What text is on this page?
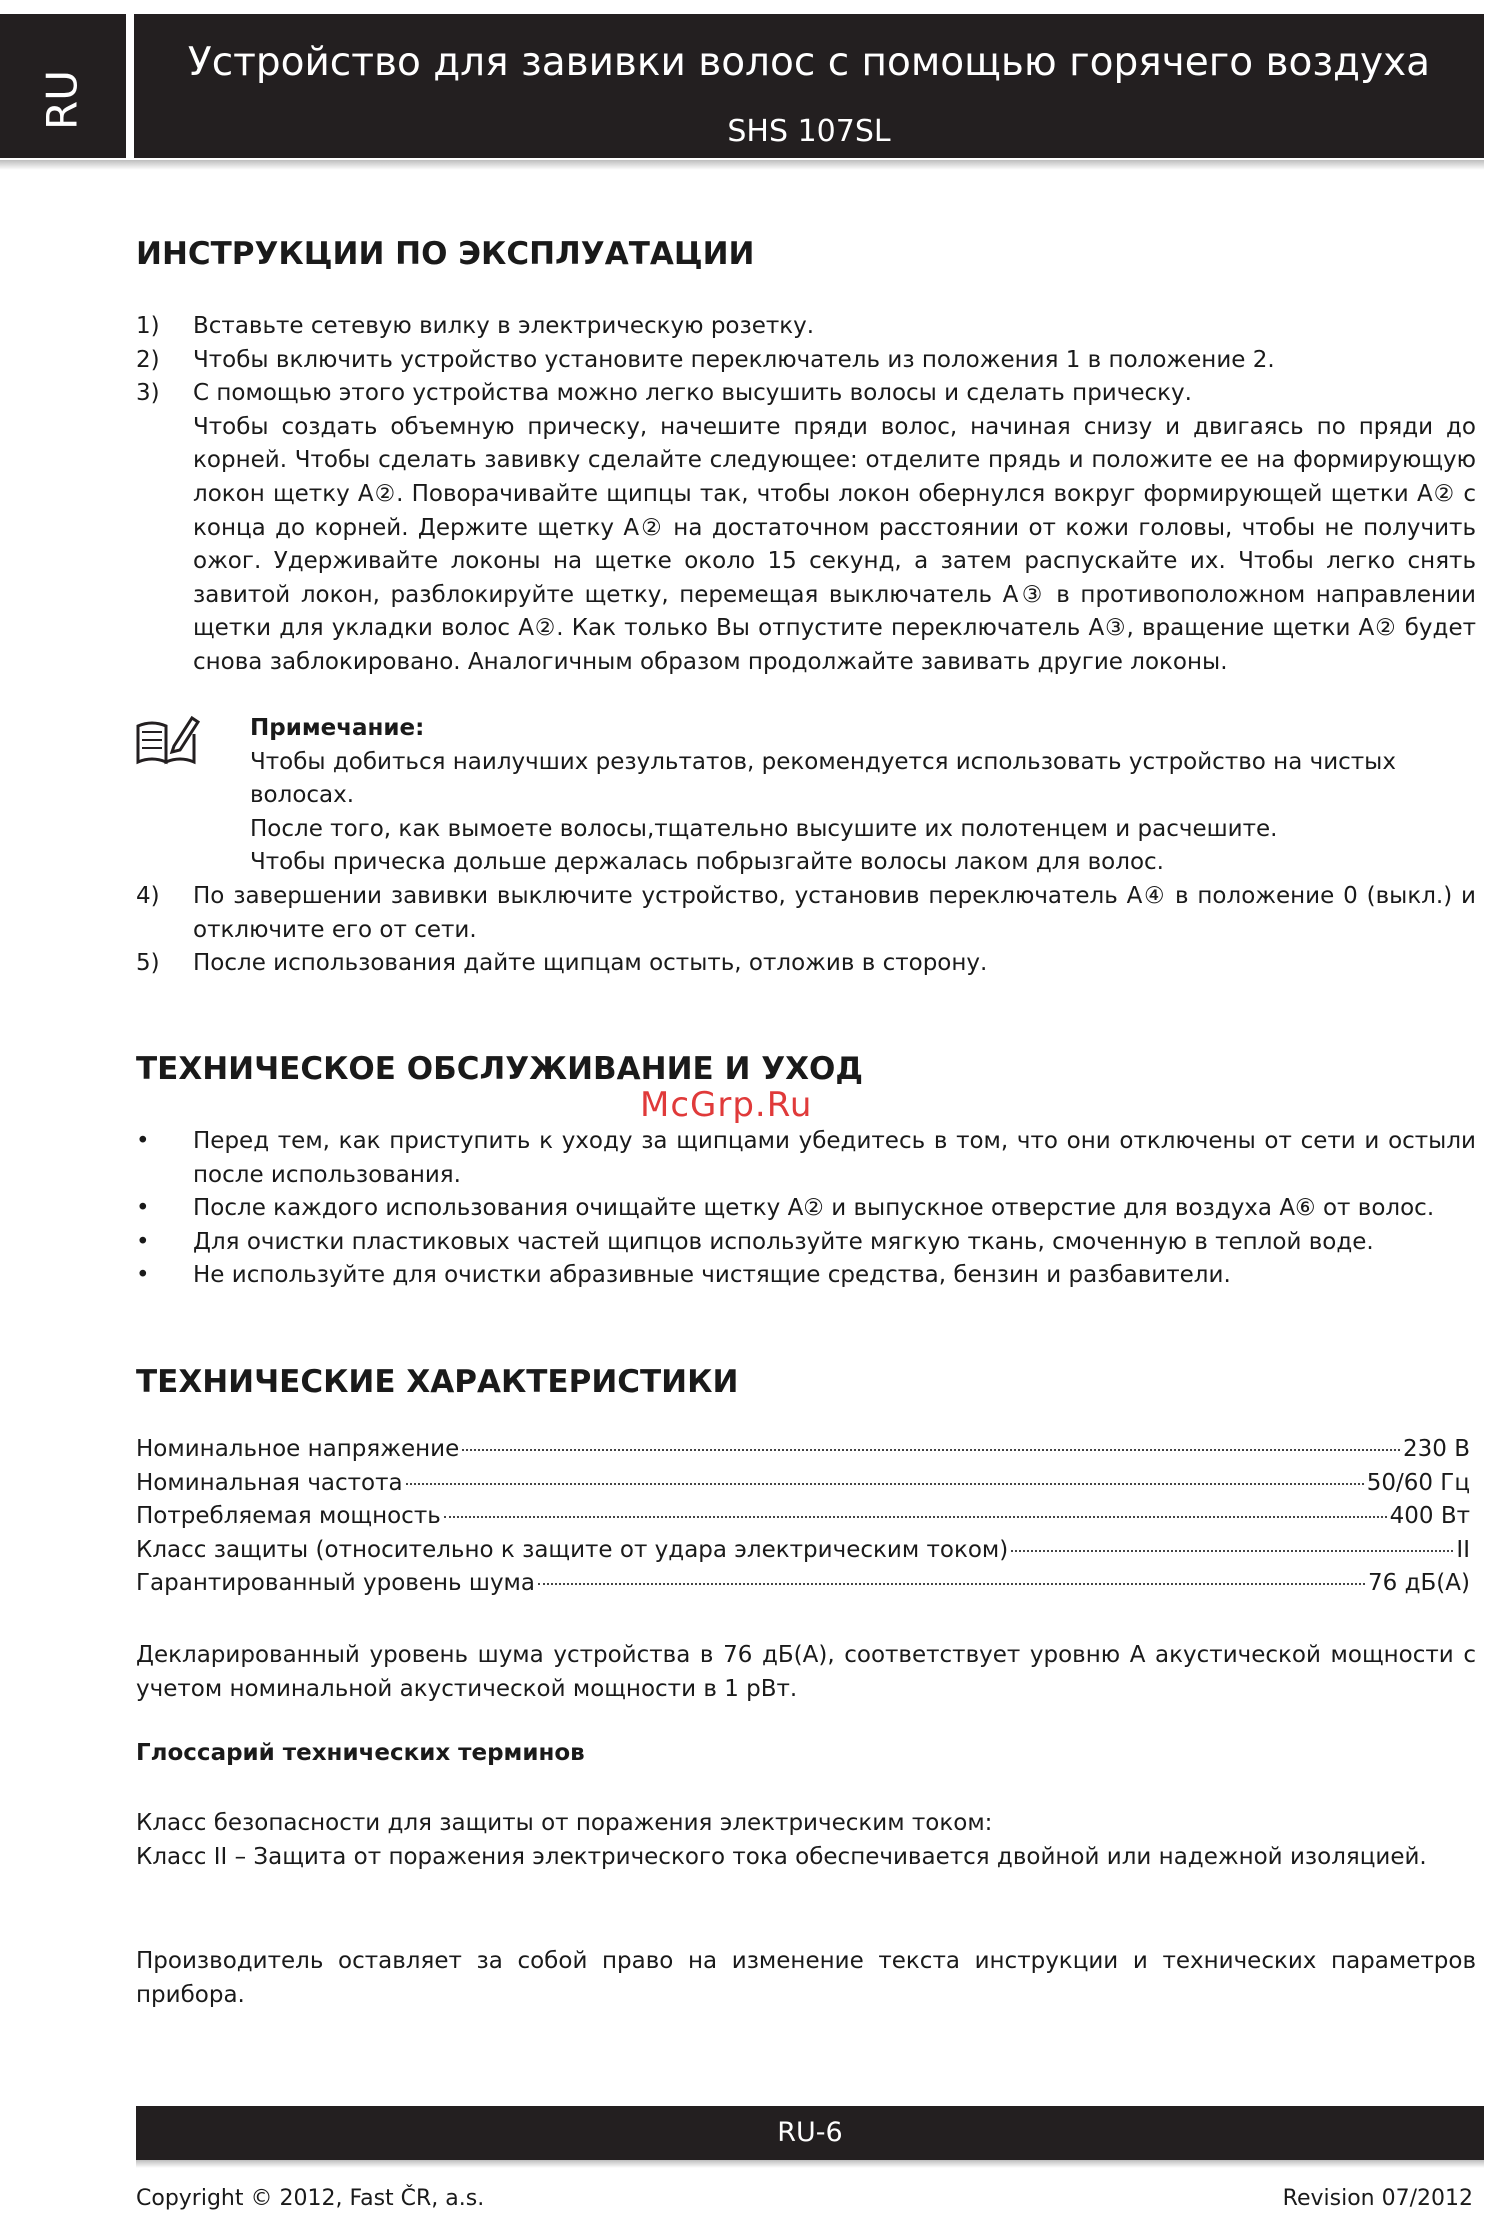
RU
Устройство для завивки волос с помощью горячего воздуха
SHS 107SL
ИНСТРУКЦИИ ПО ЭКСПЛУАТАЦИИ
1) Вставьте сетевую вилку в электрическую розетку.
2) Чтобы включить устройство установите переключатель из положения 1 в положение 2.
3) С помощью этого устройства можно легко высушить волосы и сделать прическу.
Чтобы создать объемную прическу, начешите пряди волос, начиная снизу и двигаясь по пряди до корней. Чтобы сделать завивку сделайте следующее: отделите прядь и положите ее на формирующую локон щетку A②. Поворачивайте щипцы так, чтобы локон обернулся вокруг формирующей щетки A② с конца до корней. Держите щетку A② на достаточном расстоянии от кожи головы, чтобы не получить ожог. Удерживайте локоны на щетке около 15 секунд, а затем распускайте их. Чтобы легко снять завитой локон, разблокируйте щетку, перемещая выключатель A③ в противоположном направлении щетки для укладки волос A②. Как только Вы отпустите переключатель A③, вращение щетки A② будет снова заблокировано. Аналогичным образом продолжайте завивать другие локоны.
Примечание:
Чтобы добиться наилучших результатов, рекомендуется использовать устройство на чистых волосах.
После того, как вымоете волосы,тщательно высушите их полотенцем и расчешите.
Чтобы прическа дольше держалась побрызгайте волосы лаком для волос.
4) По завершении завивки выключите устройство, установив переключатель A④ в положение 0 (выкл.) и отключите его от сети.
5) После использования дайте щипцам остыть, отложив в сторону.
ТЕХНИЧЕСКОЕ ОБСЛУЖИВАНИЕ И УХОД
McGrp.Ru
• Перед тем, как приступить к уходу за щипцами убедитесь в том, что они отключены от сети и остыли после использования.
• После каждого использования очищайте щетку A② и выпускное отверстие для воздуха A⑥ от волос.
• Для очистки пластиковых частей щипцов используйте мягкую ткань, смоченную в теплой воде.
• Не используйте для очистки абразивные чистящие средства, бензин и разбавители.
ТЕХНИЧЕСКИЕ ХАРАКТЕРИСТИКИ
Номинальное напряжение	230 В
Номинальная частота	50/60 Гц
Потребляемая мощность	400 Вт
Класс защиты (относительно к защите от удара электрическим током)	II
Гарантированный уровень шума	76 дБ(A)

Декларированный уровень шума устройства в 76 дБ(A), соответствует уровню A акустической мощности с учетом номинальной акустической мощности в 1 pВт.

Глоссарий технических терминов

Класс безопасности для защиты от поражения электрическим током:
Класс II – Защита от поражения электрического тока обеспечивается двойной или надежной изоляцией.

Производитель оставляет за собой право на изменение текста инструкции и технических параметров прибора.

RU-6
Copyright © 2012, Fast ČR, a.s.	Revision 07/2012
